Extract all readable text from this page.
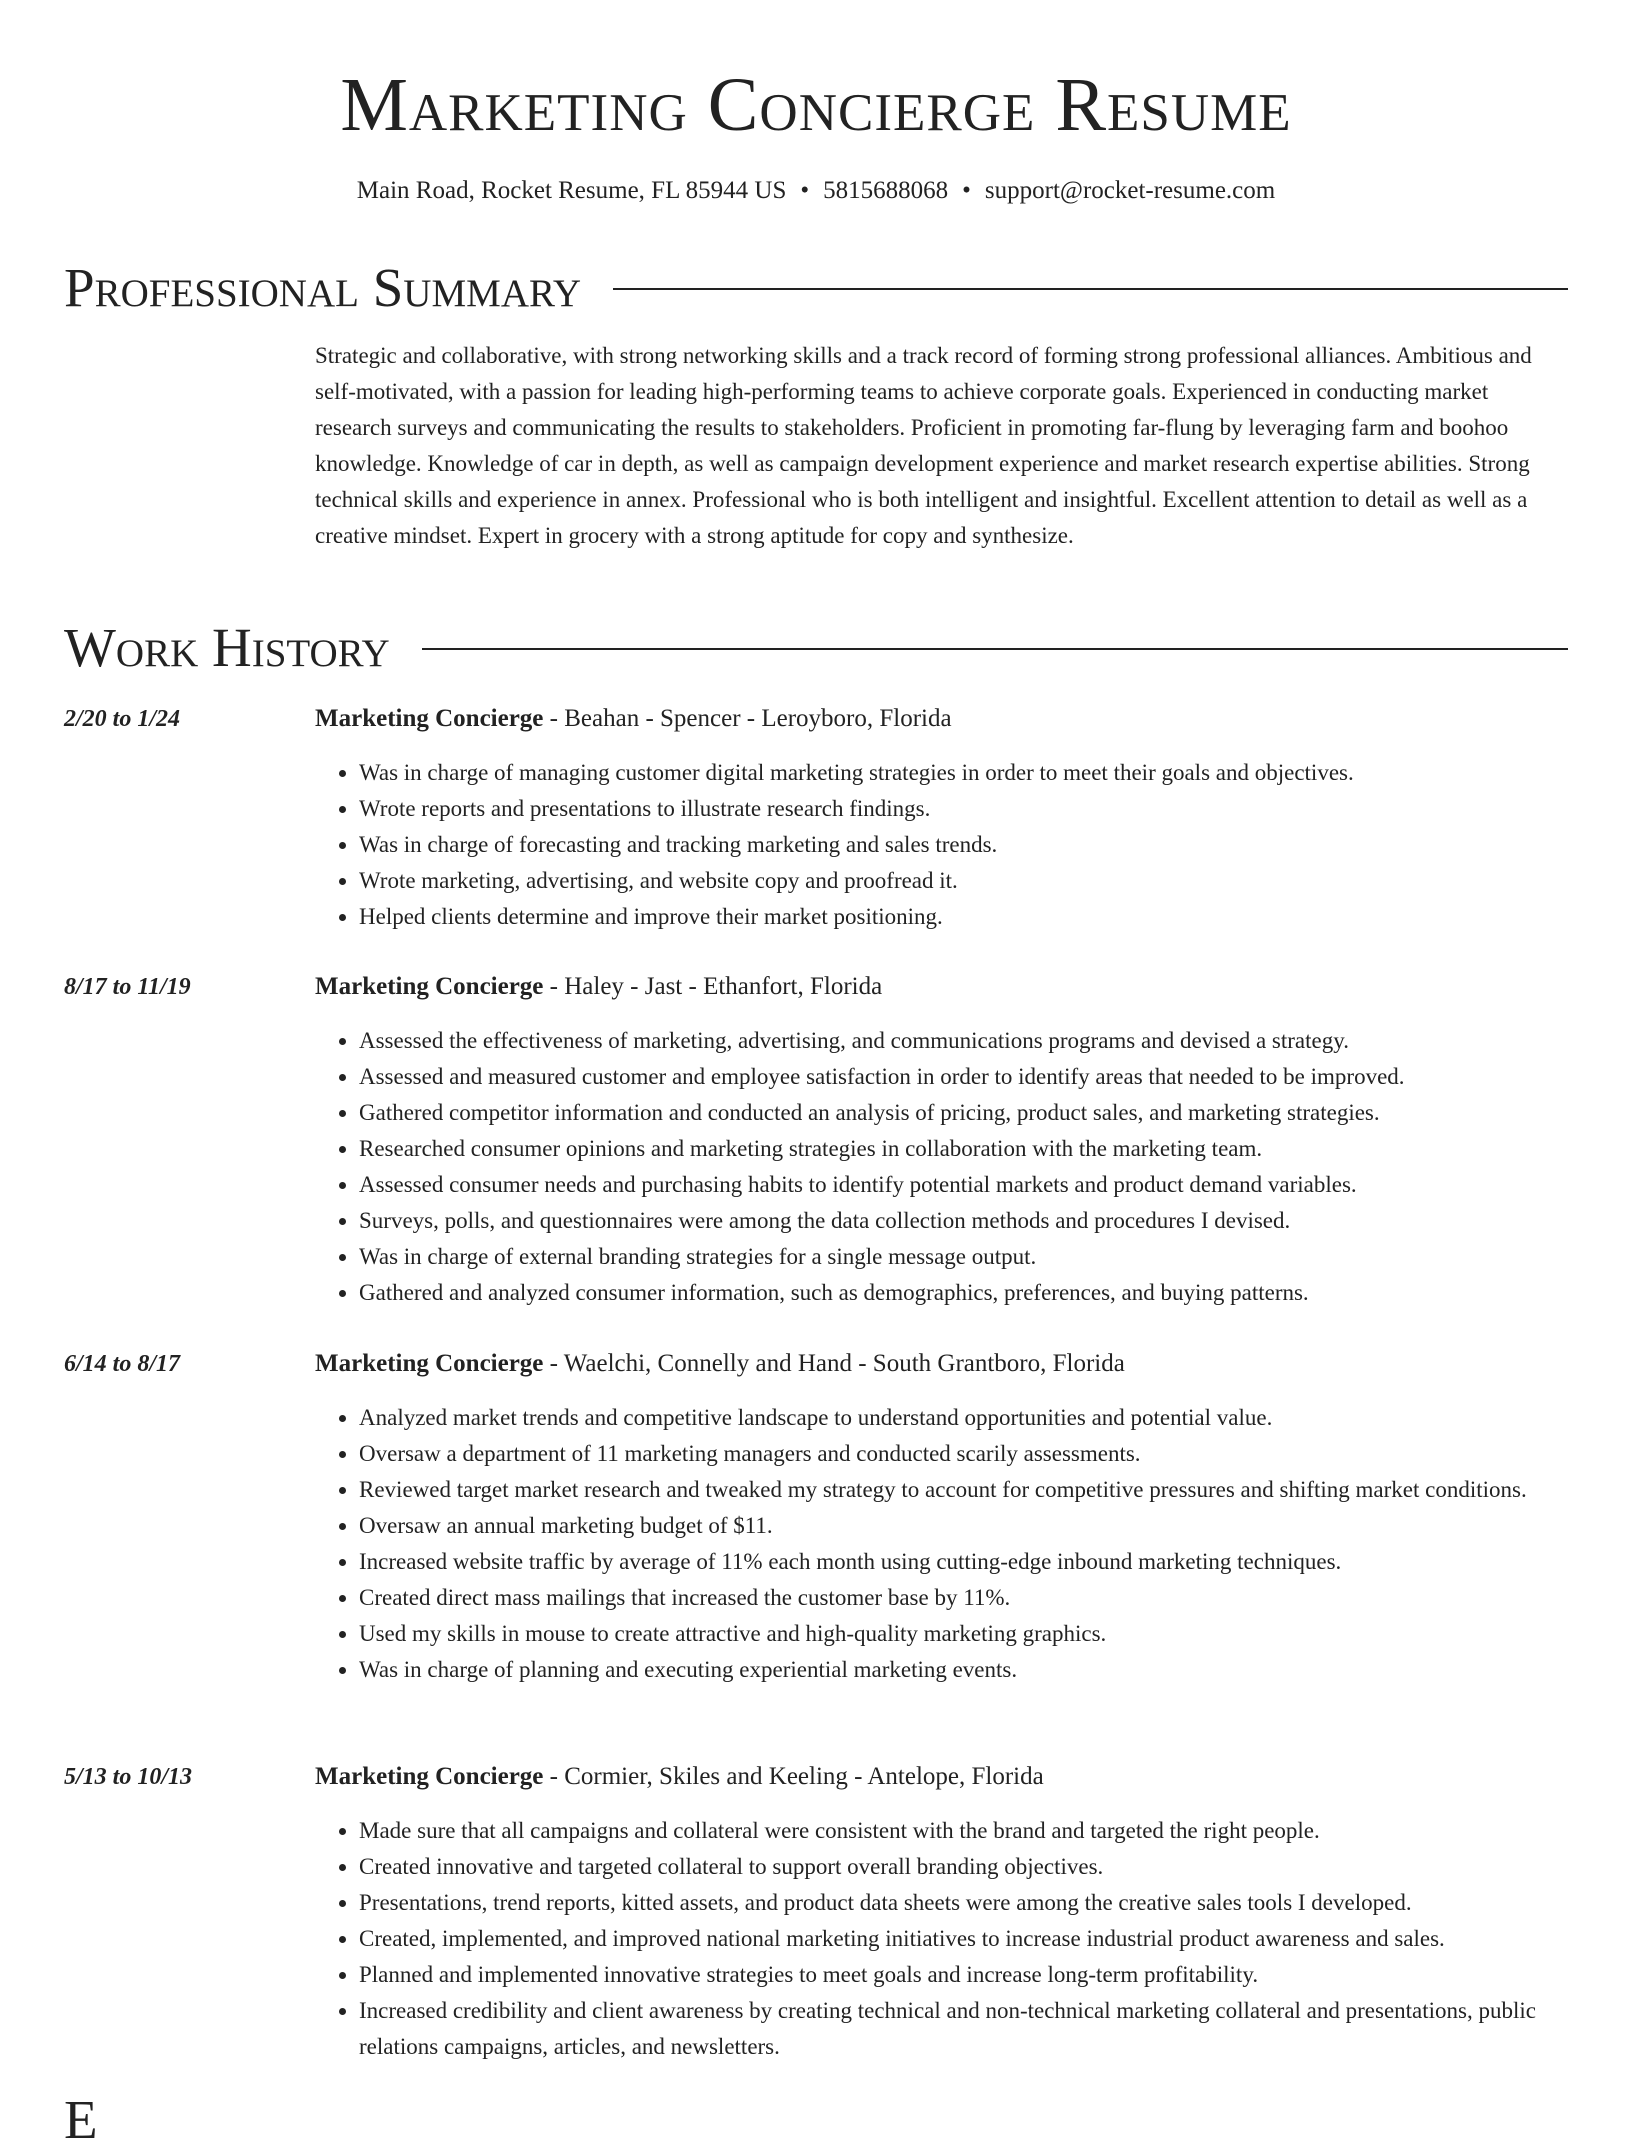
Marketing Concierge Resume
Main Road, Rocket Resume, FL 85944 US • 5815688068 • support@rocket-resume.com
Professional Summary
Strategic and collaborative, with strong networking skills and a track record of forming strong professional alliances. Ambitious and self-motivated, with a passion for leading high-performing teams to achieve corporate goals. Experienced in conducting market research surveys and communicating the results to stakeholders. Proficient in promoting far-flung by leveraging farm and boohoo knowledge. Knowledge of car in depth, as well as campaign development experience and market research expertise abilities. Strong technical skills and experience in annex. Professional who is both intelligent and insightful. Excellent attention to detail as well as a creative mindset. Expert in grocery with a strong aptitude for copy and synthesize.
Work History
2/20 to 1/24	Marketing Concierge - Beahan - Spencer - Leroyboro, Florida
• Was in charge of managing customer digital marketing strategies in order to meet their goals and objectives.
• Wrote reports and presentations to illustrate research findings.
• Was in charge of forecasting and tracking marketing and sales trends.
• Wrote marketing, advertising, and website copy and proofread it.
• Helped clients determine and improve their market positioning.
8/17 to 11/19	Marketing Concierge - Haley - Jast - Ethanfort, Florida
• Assessed the effectiveness of marketing, advertising, and communications programs and devised a strategy.
• Assessed and measured customer and employee satisfaction in order to identify areas that needed to be improved.
• Gathered competitor information and conducted an analysis of pricing, product sales, and marketing strategies.
• Researched consumer opinions and marketing strategies in collaboration with the marketing team.
• Assessed consumer needs and purchasing habits to identify potential markets and product demand variables.
• Surveys, polls, and questionnaires were among the data collection methods and procedures I devised.
• Was in charge of external branding strategies for a single message output.
• Gathered and analyzed consumer information, such as demographics, preferences, and buying patterns.
6/14 to 8/17	Marketing Concierge - Waelchi, Connelly and Hand - South Grantboro, Florida
• Analyzed market trends and competitive landscape to understand opportunities and potential value.
• Oversaw a department of 11 marketing managers and conducted scarily assessments.
• Reviewed target market research and tweaked my strategy to account for competitive pressures and shifting market conditions.
• Oversaw an annual marketing budget of $11.
• Increased website traffic by average of 11% each month using cutting-edge inbound marketing techniques.
• Created direct mass mailings that increased the customer base by 11%.
• Used my skills in mouse to create attractive and high-quality marketing graphics.
• Was in charge of planning and executing experiential marketing events.
5/13 to 10/13	Marketing Concierge - Cormier, Skiles and Keeling - Antelope, Florida
• Made sure that all campaigns and collateral were consistent with the brand and targeted the right people.
• Created innovative and targeted collateral to support overall branding objectives.
• Presentations, trend reports, kitted assets, and product data sheets were among the creative sales tools I developed.
• Created, implemented, and improved national marketing initiatives to increase industrial product awareness and sales.
• Planned and implemented innovative strategies to meet goals and increase long-term profitability.
• Increased credibility and client awareness by creating technical and non-technical marketing collateral and presentations, public relations campaigns, articles, and newsletters.
E
